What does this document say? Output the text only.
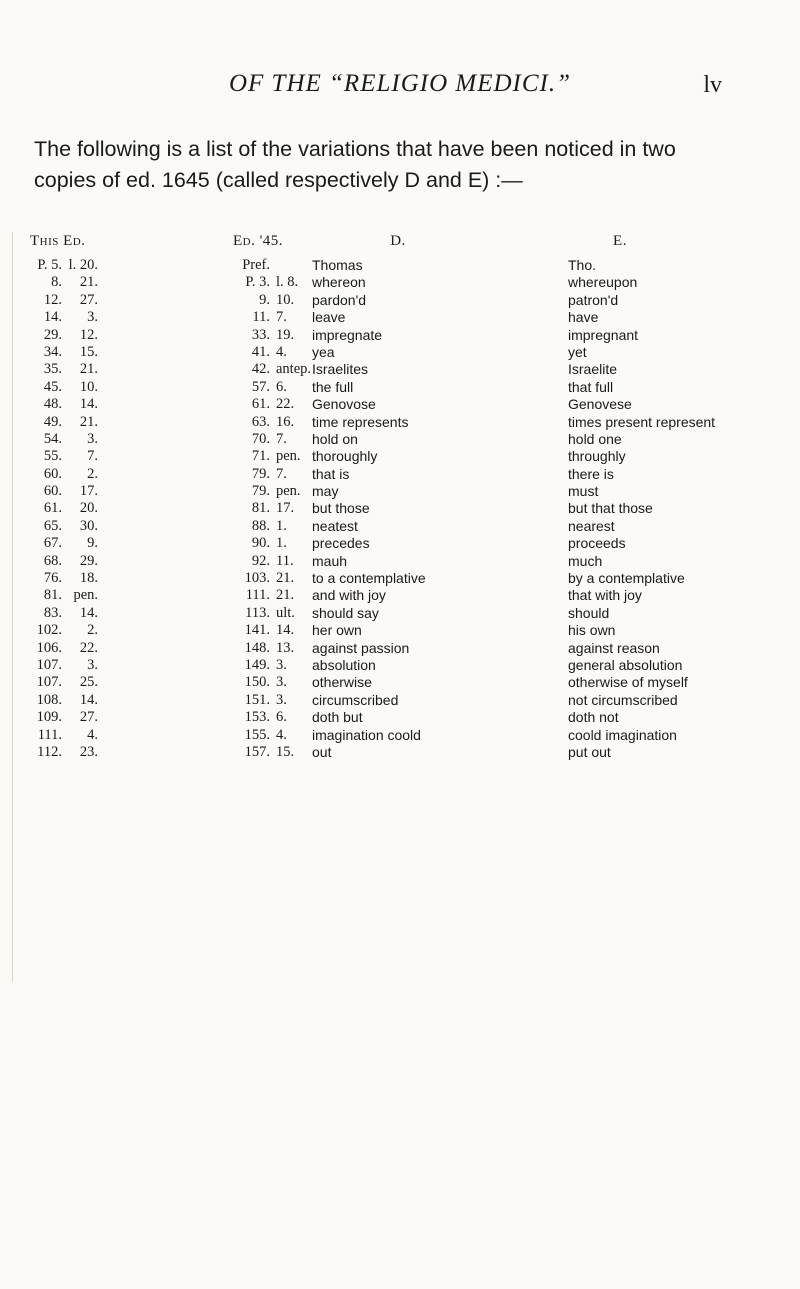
OF THE “RELIGIO MEDICI.”	lv
The following is a list of the variations that have been noticed in two copies of ed. 1645 (called respectively D and E) :—
This Ed.	Ed. '45.	D.	E.
P. 5. l. 20.	Pref.	Thomas	Tho.
8. 21.	P. 3. l. 8. whereon	whereupon
12. 27.	9. 10. pardon'd	patron'd
14. 3.	11. 7. leave	have
29. 12.	33. 19. impregnate	impregnant
34. 15.	41. 4. yea	yet
35. 21.	42. antep. Israelites	Israelite
45. 10.	57. 6. the full	that full
48. 14.	61. 22. Genovose	Genovese
49. 21.	63. 16. time represents	times present represent
54. 3.	70. 7. hold on	hold one
55. 7.	71. pen. thoroughly	throughly
60. 2.	79. 7. that is	there is
60. 17.	79. pen. may	must
61. 20.	81. 17. but those	but that those
65. 30.	88. 1. neatest	nearest
67. 9.	90. 1. precedes	proceeds
68. 29.	92. 11. mauh	much
76. 18.	103. 21. to a contemplative	by a contemplative
81. pen.	111. 21. and with joy	that with joy
83. 14.	113. ult. should say	should
102. 2.	141. 14. her own	his own
106. 22.	148. 13. against passion	against reason
107. 3.	149. 3. absolution	general absolution
107. 25.	150. 3. otherwise	otherwise of myself
108. 14.	151. 3. circumscribed	not circumscribed
109. 27.	153. 6. doth but	doth not
111. 4.	155. 4. imagination coold	coold imagination
112. 23.	157. 15. out	put out
